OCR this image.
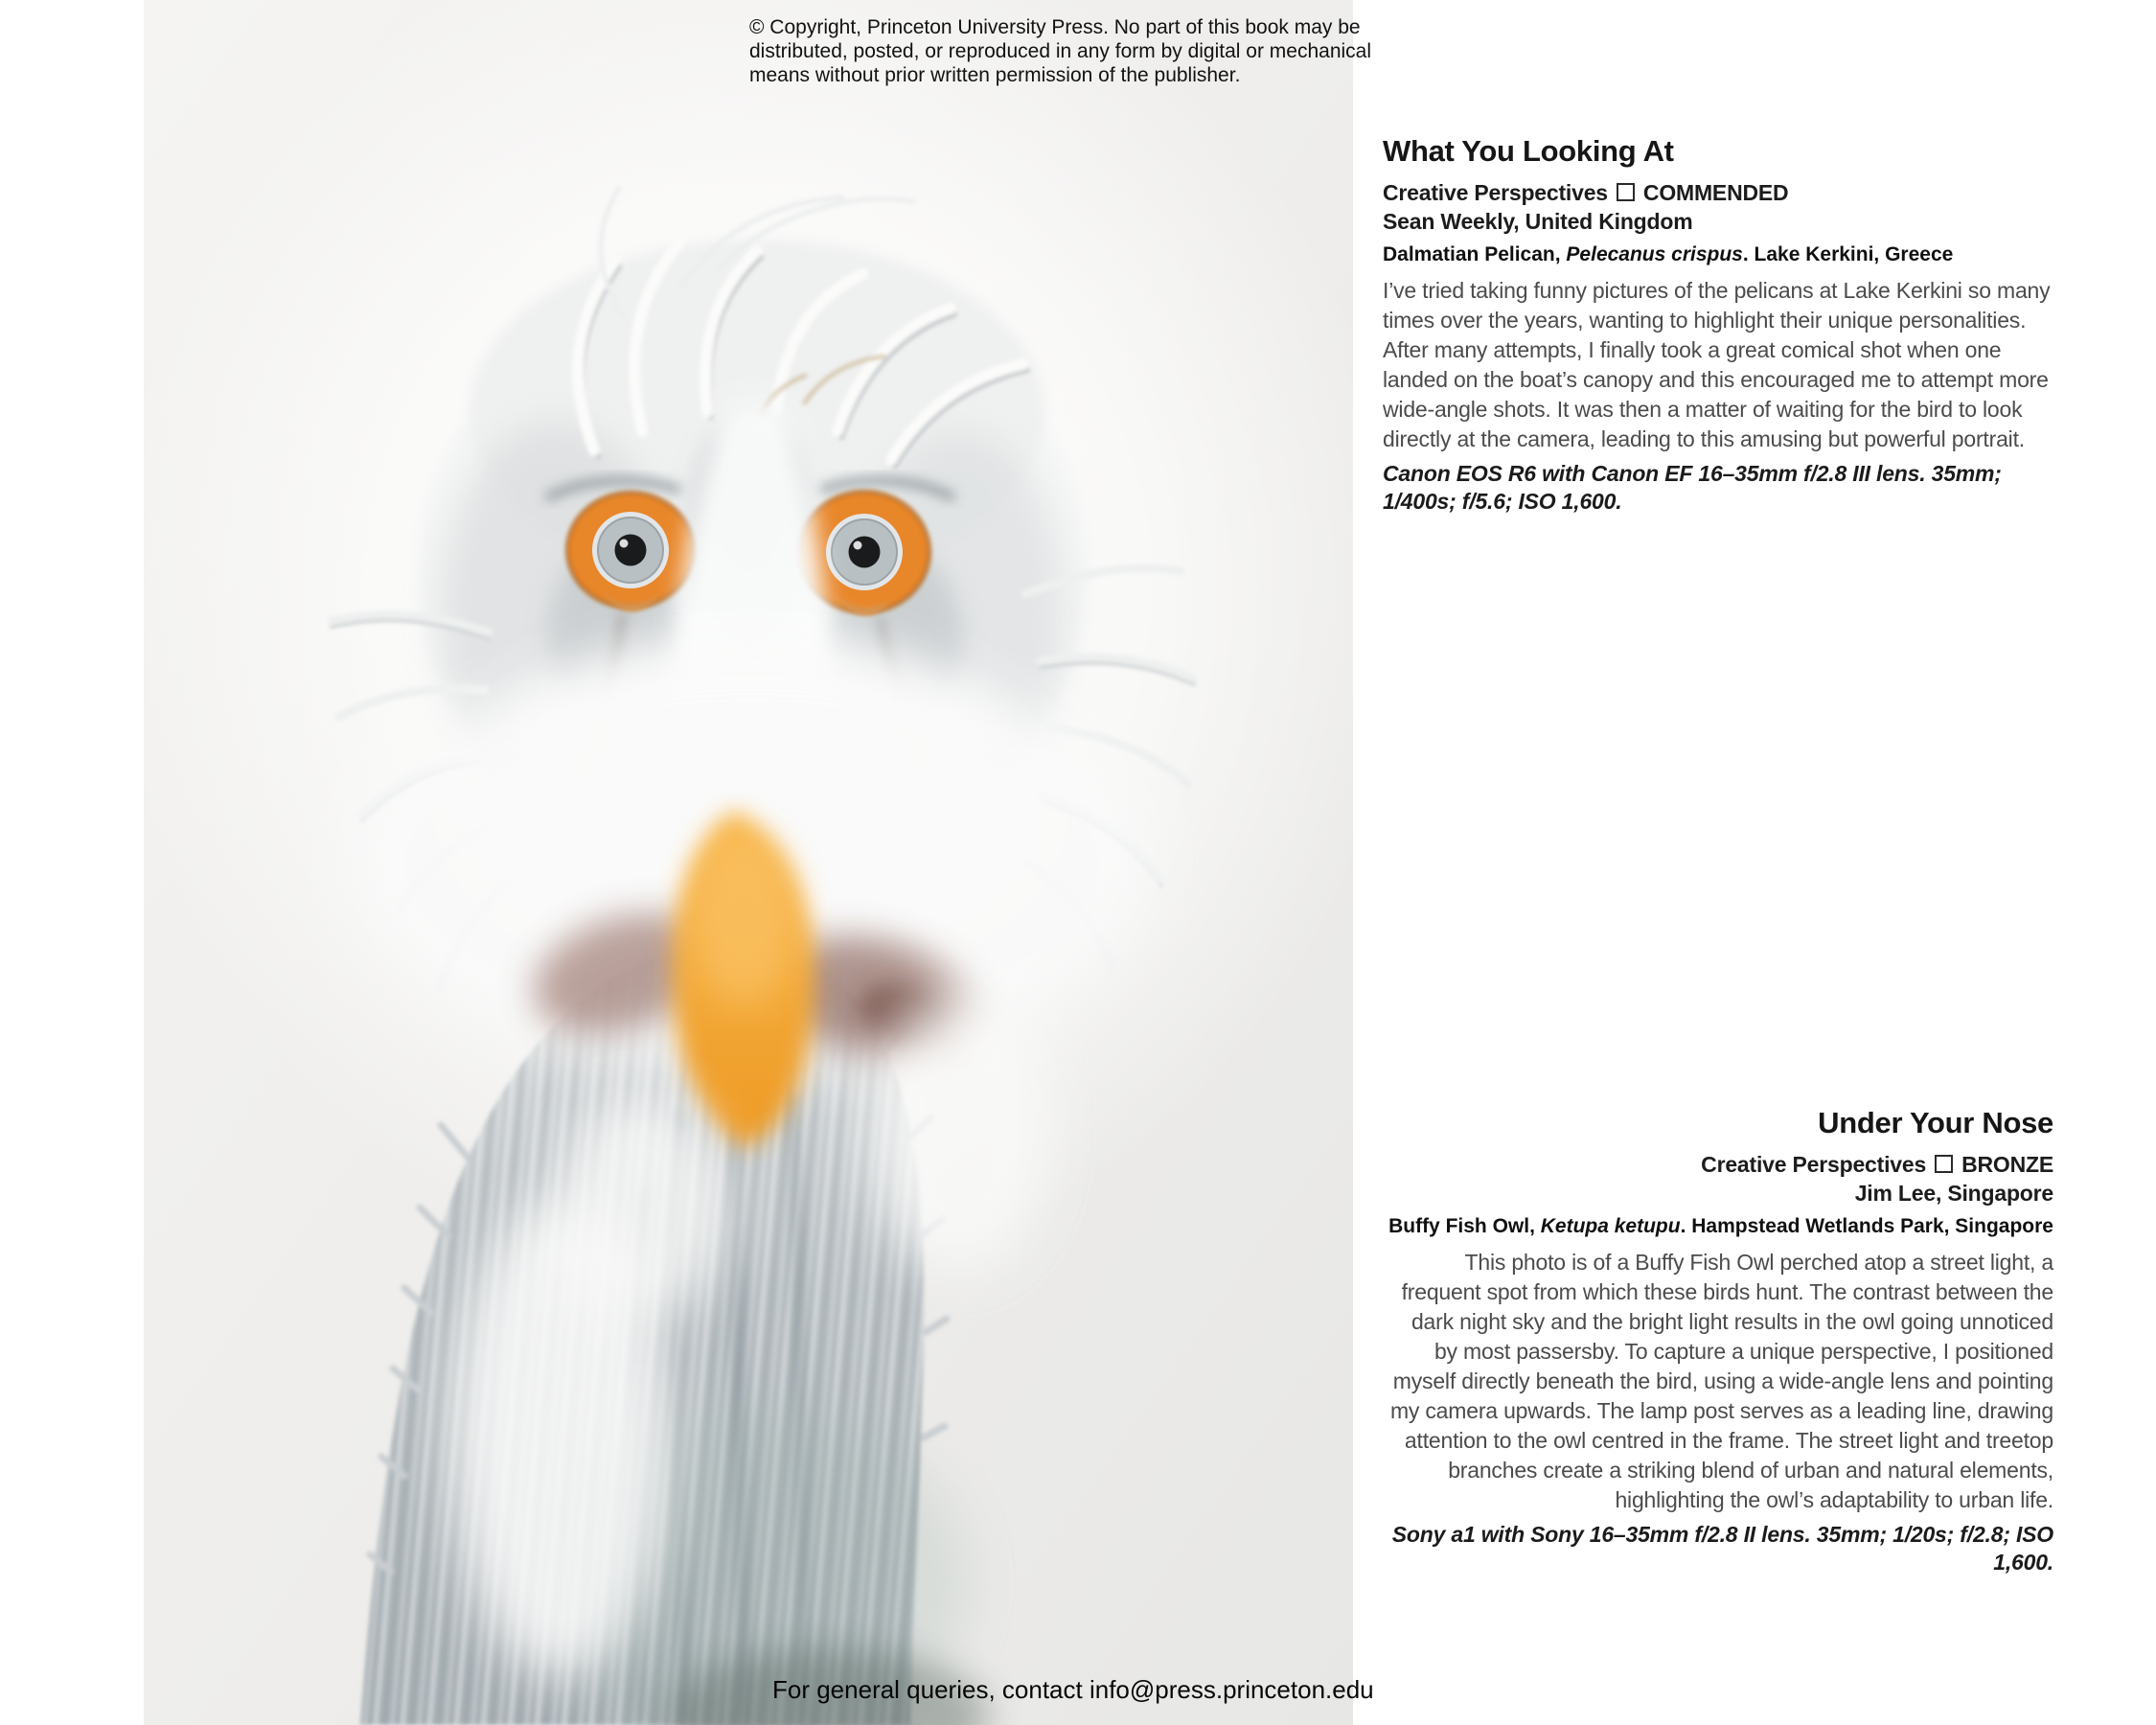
© Copyright, Princeton University Press. No part of this book may be
distributed, posted, or reproduced in any form by digital or mechanical
means without prior written permission of the publisher.
For general queries, contact info@press.princeton.edu
What You Looking At
Creative Perspectives COMMENDED
Sean Weekly, United Kingdom
Dalmatian Pelican, Pelecanus crispus. Lake Kerkini, Greece

I’ve tried taking funny pictures of the pelicans at Lake Kerkini so many times over the years, wanting to highlight their unique personalities. After many attempts, I finally took a great comical shot when one landed on the boat’s canopy and this encouraged me to attempt more wide-angle shots. It was then a matter of waiting for the bird to look directly at the camera, leading to this amusing but powerful portrait.

Canon EOS R6 with Canon EF 16–35mm f/2.8 III lens. 35mm; 1/400s; f/5.6; ISO 1,600.

Under Your Nose
Creative Perspectives BRONZE
Jim Lee, Singapore
Buffy Fish Owl, Ketupa ketupu. Hampstead Wetlands Park, Singapore

This photo is of a Buffy Fish Owl perched atop a street light, a frequent spot from which these birds hunt. The contrast between the dark night sky and the bright light results in the owl going unnoticed by most passersby. To capture a unique perspective, I positioned myself directly beneath the bird, using a wide-angle lens and pointing my camera upwards. The lamp post serves as a leading line, drawing attention to the owl centred in the frame. The street light and treetop branches create a striking blend of urban and natural elements, highlighting the owl’s adaptability to urban life.

Sony a1 with Sony 16–35mm f/2.8 II lens. 35mm; 1/20s; f/2.8; ISO 1,600.
